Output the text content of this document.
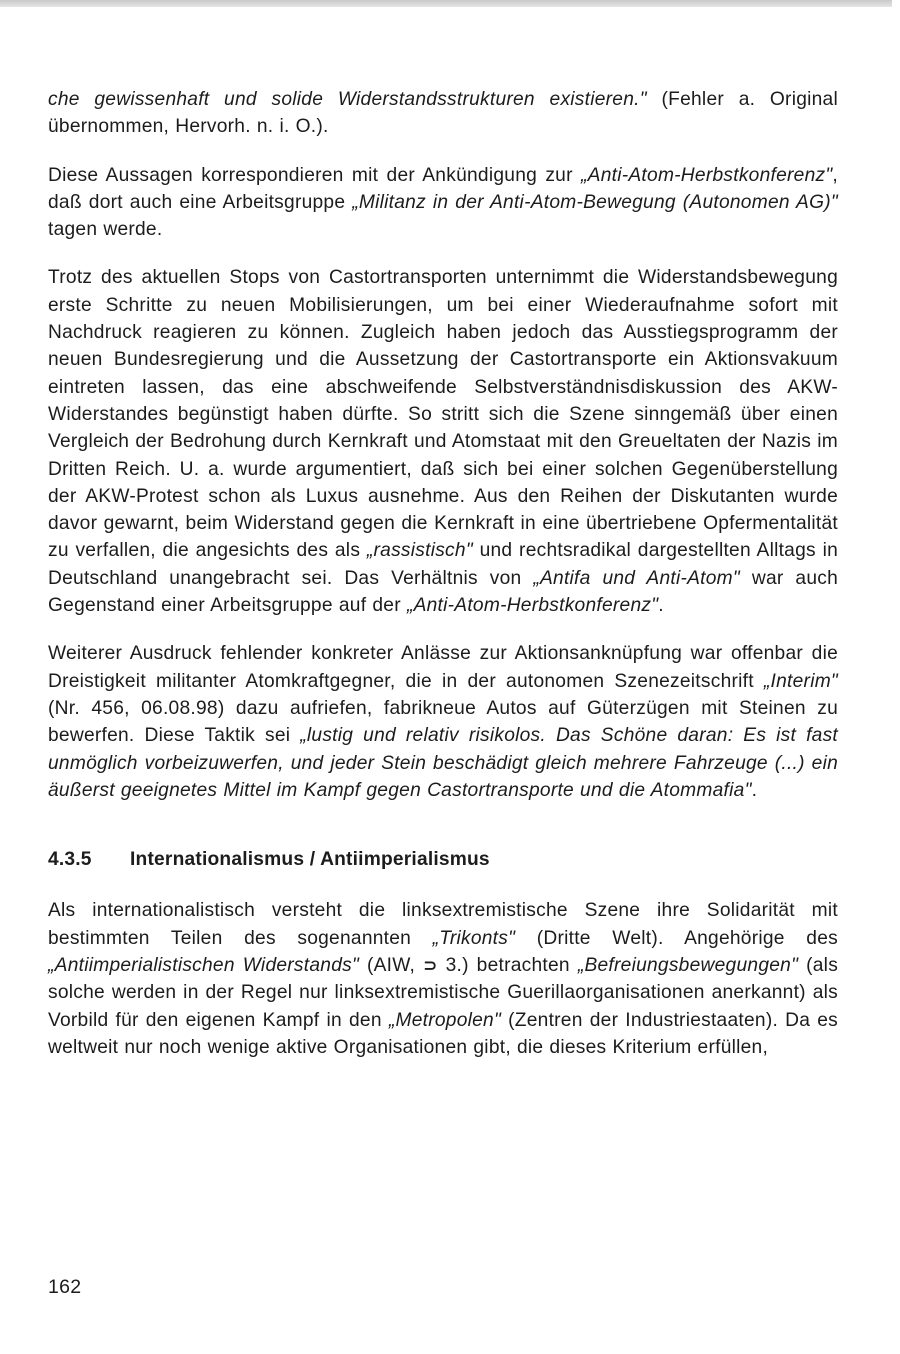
che gewissenhaft und solide Widerstandsstrukturen existieren." (Fehler a. Original übernommen, Hervorh. n. i. O.).

Diese Aussagen korrespondieren mit der Ankündigung zur „Anti-Atom-Herbstkonferenz", daß dort auch eine Arbeitsgruppe „Militanz in der Anti-Atom-Bewegung (Autonomen AG)" tagen werde.

Trotz des aktuellen Stops von Castortransporten unternimmt die Widerstandsbewegung erste Schritte zu neuen Mobilisierungen, um bei einer Wiederaufnahme sofort mit Nachdruck reagieren zu können. Zugleich haben jedoch das Ausstiegsprogramm der neuen Bundesregierung und die Aussetzung der Castortransporte ein Aktionsvakuum eintreten lassen, das eine abschweifende Selbstverständnisdiskussion des AKW-Widerstandes begünstigt haben dürfte. So stritt sich die Szene sinngemäß über einen Vergleich der Bedrohung durch Kernkraft und Atomstaat mit den Greueltaten der Nazis im Dritten Reich. U. a. wurde argumentiert, daß sich bei einer solchen Gegenüberstellung der AKW-Protest schon als Luxus ausnehme. Aus den Reihen der Diskutanten wurde davor gewarnt, beim Widerstand gegen die Kernkraft in eine übertriebene Opfermentalität zu verfallen, die angesichts des als „rassistisch" und rechtsradikal dargestellten Alltags in Deutschland unangebracht sei. Das Verhältnis von „Antifa und Anti-Atom" war auch Gegenstand einer Arbeitsgruppe auf der „Anti-Atom-Herbstkonferenz".

Weiterer Ausdruck fehlender konkreter Anlässe zur Aktionsanknüpfung war offenbar die Dreistigkeit militanter Atomkraftgegner, die in der autonomen Szenezeitschrift „Interim" (Nr. 456, 06.08.98) dazu aufriefen, fabrikneue Autos auf Güterzügen mit Steinen zu bewerfen. Diese Taktik sei „lustig und relativ risikolos. Das Schöne daran: Es ist fast unmöglich vorbeizuwerfen, und jeder Stein beschädigt gleich mehrere Fahrzeuge (...) ein äußerst geeignetes Mittel im Kampf gegen Castortransporte und die Atommafia".

4.3.5 Internationalismus / Antiimperialismus

Als internationalistisch versteht die linksextremistische Szene ihre Solidarität mit bestimmten Teilen des sogenannten „Trikonts" (Dritte Welt). Angehörige des „Antiimperialistischen Widerstands" (AIW, ⊃ 3.) betrachten „Befreiungsbewegungen" (als solche werden in der Regel nur linksextremistische Guerillaorganisationen anerkannt) als Vorbild für den eigenen Kampf in den „Metropolen" (Zentren der Industriestaaten). Da es weltweit nur noch wenige aktive Organisationen gibt, die dieses Kriterium erfüllen,

162
